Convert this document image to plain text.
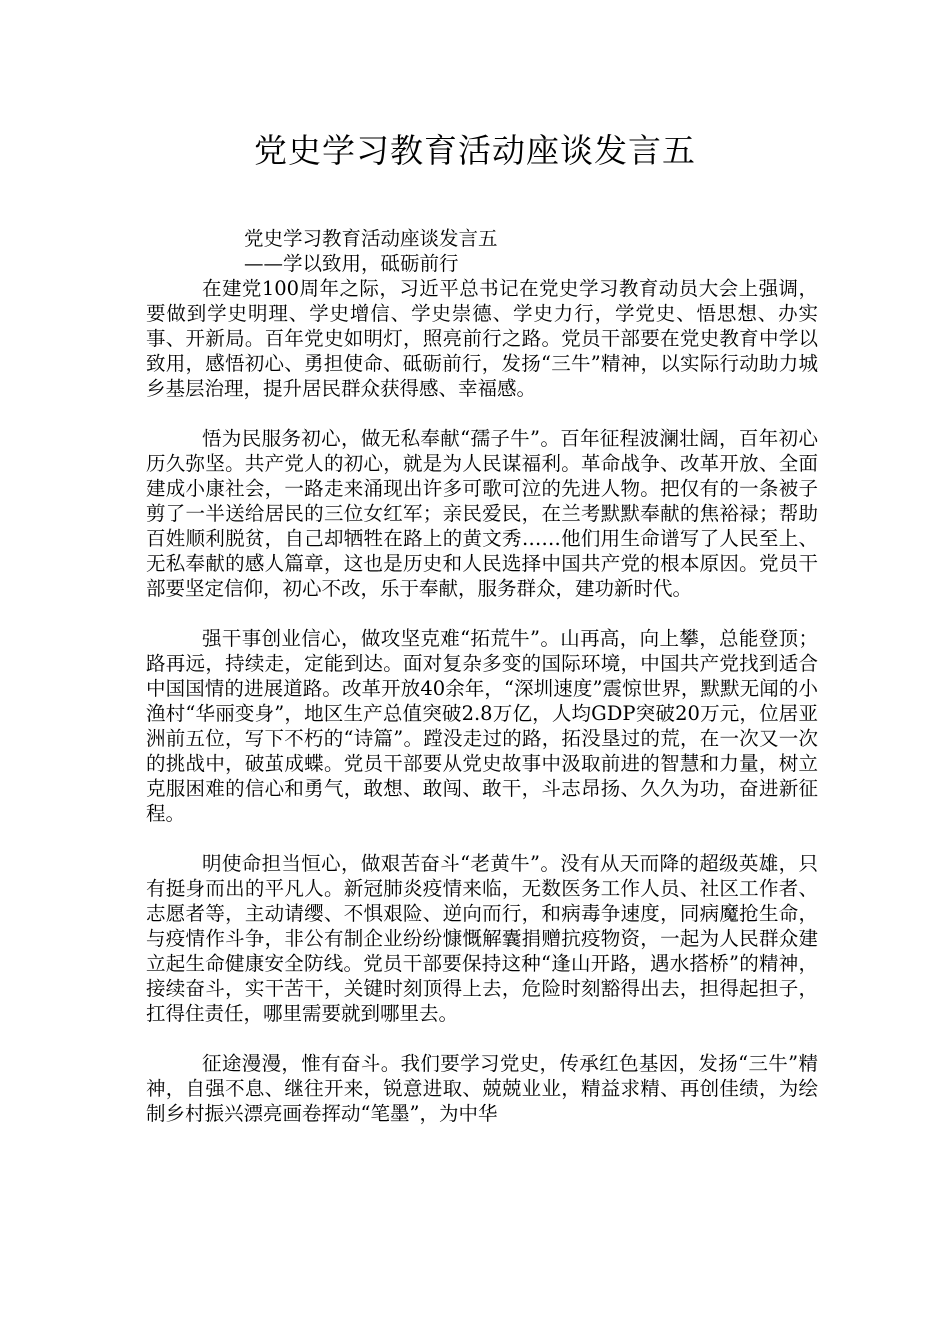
党史学习教育活动座谈发言五

党史学习教育活动座谈发言五

——学以致用，砥砺前行

在建党100周年之际，习近平总书记在党史学习教育动员大会上强调，要做到学史明理、学史增信、学史崇德、学史力行，学党史、悟思想、办实事、开新局。百年党史如明灯，照亮前行之路。党员干部要在党史教育中学以致用，感悟初心、勇担使命、砥砺前行，发扬“三牛”精神，以实际行动助力城乡基层治理，提升居民群众获得感、幸福感。

悟为民服务初心，做无私奉献“孺子牛”。百年征程波澜壮阔，百年初心历久弥坚。共产党人的初心，就是为人民谋福利。革命战争、改革开放、全面建成小康社会，一路走来涌现出许多可歌可泣的先进人物。把仅有的一条被子剪了一半送给居民的三位女红军；亲民爱民，在兰考默默奉献的焦裕禄；帮助百姓顺利脱贫，自己却牺牲在路上的黄文秀……他们用生命谱写了人民至上、无私奉献的感人篇章，这也是历史和人民选择中国共产党的根本原因。党员干部要坚定信仰，初心不改，乐于奉献，服务群众，建功新时代。

强干事创业信心，做攻坚克难“拓荒牛”。山再高，向上攀，总能登顶；路再远，持续走，定能到达。面对复杂多变的国际环境，中国共产党找到适合中国国情的进展道路。改革开放40余年，“深圳速度”震惊世界，默默无闻的小渔村“华丽变身”，地区生产总值突破2.8万亿，人均GDP突破20万元，位居亚洲前五位，写下不朽的“诗篇”。蹚没走过的路，拓没垦过的荒，在一次又一次的挑战中，破茧成蝶。党员干部要从党史故事中汲取前进的智慧和力量，树立克服困难的信心和勇气，敢想、敢闯、敢干，斗志昂扬、久久为功，奋进新征程。

明使命担当恒心，做艰苦奋斗“老黄牛”。没有从天而降的超级英雄，只有挺身而出的平凡人。新冠肺炎疫情来临，无数医务工作人员、社区工作者、志愿者等，主动请缨、不惧艰险、逆向而行，和病毒争速度，同病魔抢生命，与疫情作斗争，非公有制企业纷纷慷慨解囊捐赠抗疫物资，一起为人民群众建立起生命健康安全防线。党员干部要保持这种“逢山开路，遇水搭桥”的精神，接续奋斗，实干苦干，关键时刻顶得上去，危险时刻豁得出去，担得起担子，扛得住责任，哪里需要就到哪里去。

征途漫漫，惟有奋斗。我们要学习党史，传承红色基因，发扬“三牛”精神，自强不息、继往开来，锐意进取、兢兢业业，精益求精、再创佳绩，为绘制乡村振兴漂亮画卷挥动“笔墨”，为中华
